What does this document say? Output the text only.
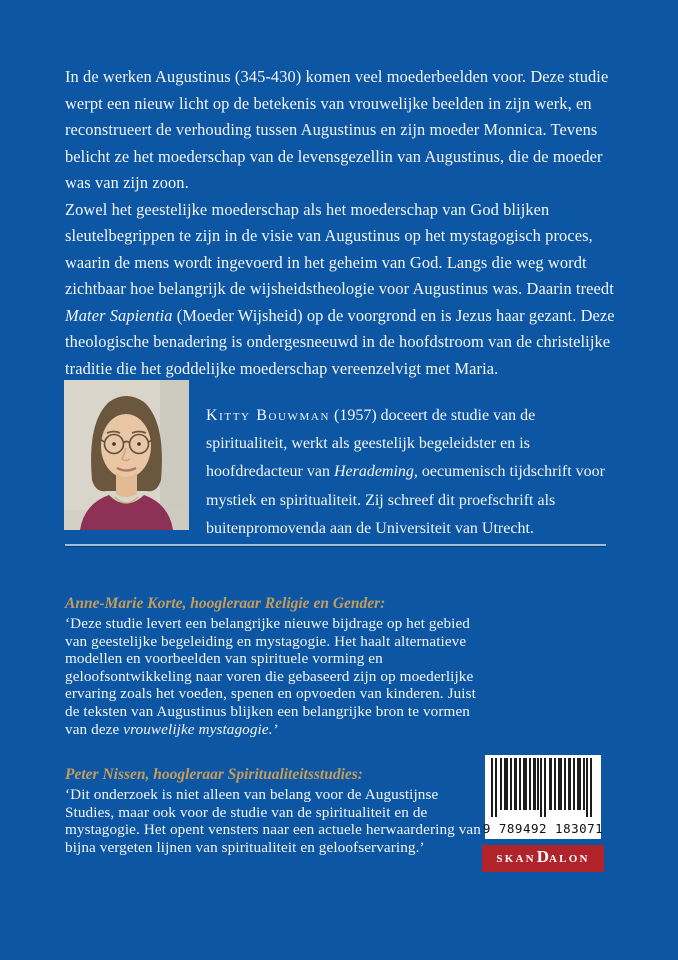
In de werken Augustinus (345-430) komen veel moederbeelden voor. Deze studie werpt een nieuw licht op de betekenis van vrouwelijke beelden in zijn werk, en reconstrueert de verhouding tussen Augustinus en zijn moeder Monnica. Tevens belicht ze het moederschap van de levensgezellin van Augustinus, die de moeder was van zijn zoon.

Zowel het geestelijke moederschap als het moederschap van God blijken sleutelbegrippen te zijn in de visie van Augustinus op het mystagogisch proces, waarin de mens wordt ingevoerd in het geheim van God. Langs die weg wordt zichtbaar hoe belangrijk de wijsheidstheologie voor Augustinus was. Daarin treedt Mater Sapientia (Moeder Wijsheid) op de voorgrond en is Jezus haar gezant. Deze theologische benadering is ondergesneeuwd in de hoofdstroom van de christelijke traditie die het goddelijke moederschap vereenzelvigt met Maria.

Kitty Bouwman (1957) doceert de studie van de spiritualiteit, werkt als geestelijk begeleidster en is hoofdredacteur van Herademing, oecumenisch tijdschrift voor mystiek en spiritualiteit. Zij schreef dit proefschrift als buitenpromovenda aan de Universiteit van Utrecht.

Anne-Marie Korte, hoogleraar Religie en Gender:

‘Deze studie levert een belangrijke nieuwe bijdrage op het gebied van geestelijke begeleiding en mystagogie. Het haalt alternatieve modellen en voorbeelden van spirituele vorming en geloofsontwikkeling naar voren die gebaseerd zijn op moederlijke ervaring zoals het voeden, spenen en opvoeden van kinderen. Juist de teksten van Augustinus blijken een belangrijke bron te vormen van deze vrouwelijke mystagogie.’

Peter Nissen, hoogleraar Spiritualiteitsstudies:

‘Dit onderzoek is niet alleen van belang voor de Augustijnse Studies, maar ook voor de studie van de spiritualiteit en de mystagogie. Het opent vensters naar een actuele herwaardering van bijna vergeten lijnen van spiritualiteit en geloofservaring.’

9 789492 183071
SKAN D ALON
